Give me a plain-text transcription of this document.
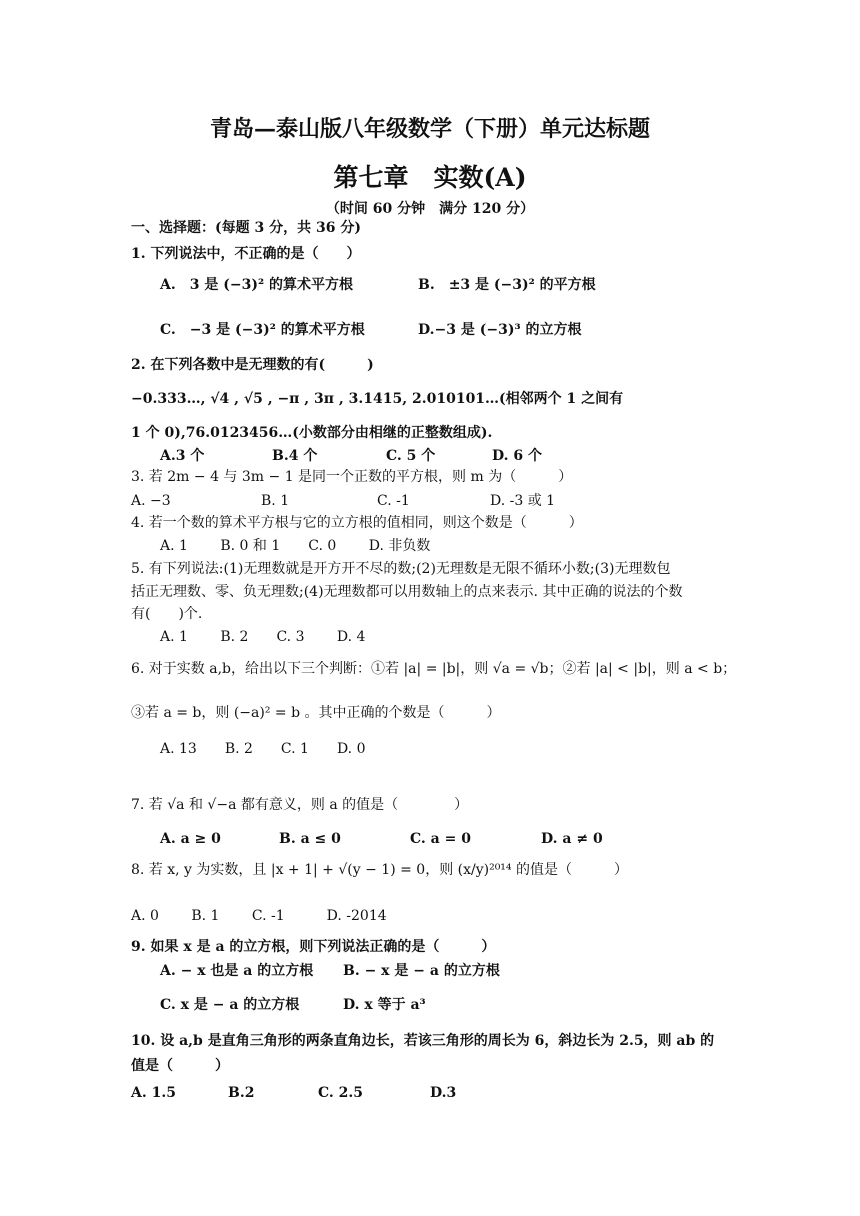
青岛—泰山版八年级数学（下册）单元达标题
第七章　实数(A)
（时间 60 分钟　满分 120 分）
一、选择题：(每题 3 分，共 36 分)
1. 下列说法中，不正确的是（　　）
A.　3 是 (−3)² 的算术平方根	B.　±3 是 (−3)² 的平方根
C.　−3 是 (−3)² 的算术平方根	D.−3 是 (−3)³ 的立方根
2. 在下列各数中是无理数的有(　　　)
−0.333…, √4 , √5 , −π , 3π , 3.1415, 2.010101…(相邻两个 1 之间有
1 个 0),76.0123456…(小数部分由相继的正整数组成).
A.3 个	B.4 个	C. 5 个	D. 6 个
3. 若 2m − 4 与 3m − 1 是同一个正数的平方根，则 m 为（　　　）
A. −3	B. 1	C. -1	D. -3 或 1
4. 若一个数的算术平方根与它的立方根的值相同，则这个数是（　　　）
A. 1　　 B. 0 和 1　　C. 0　　 D. 非负数
5. 有下列说法:(1)无理数就是开方开不尽的数;(2)无理数是无限不循环小数;(3)无理数包
括正无理数、零、负无理数;(4)无理数都可以用数轴上的点来表示. 其中正确的说法的个数
有(　　)个.
A. 1　　 B. 2　　C. 3　　 D. 4
6. 对于实数 a,b，给出以下三个判断：①若 |a| = |b|，则 √a = √b；②若 |a| < |b|，则 a < b；
③若 a = b，则 (−a)² = b 。其中正确的个数是（　　　）
A. 13　　B. 2　　C. 1　　D. 0
7. 若 √a 和 √−a 都有意义，则 a 的值是（　　　　）
A. a ≥ 0	B. a ≤ 0	C. a = 0	D. a ≠ 0
8. 若 x, y 为实数，且 |x + 1| + √(y − 1) = 0，则 (x/y)²⁰¹⁴ 的值是（　　　）
A. 0　　 B. 1　　 C. -1　　　D. -2014
9. 如果 x 是 a 的立方根，则下列说法正确的是（　　　）
A. − x 也是 a 的立方根 B. − x 是 − a 的立方根
C. x 是 − a 的立方根	D. x 等于 a³
10. 设 a,b 是直角三角形的两条直角边长，若该三角形的周长为 6，斜边长为 2.5，则 ab 的
值是（　　　）
A. 1.5	B.2	C. 2.5	D.3
